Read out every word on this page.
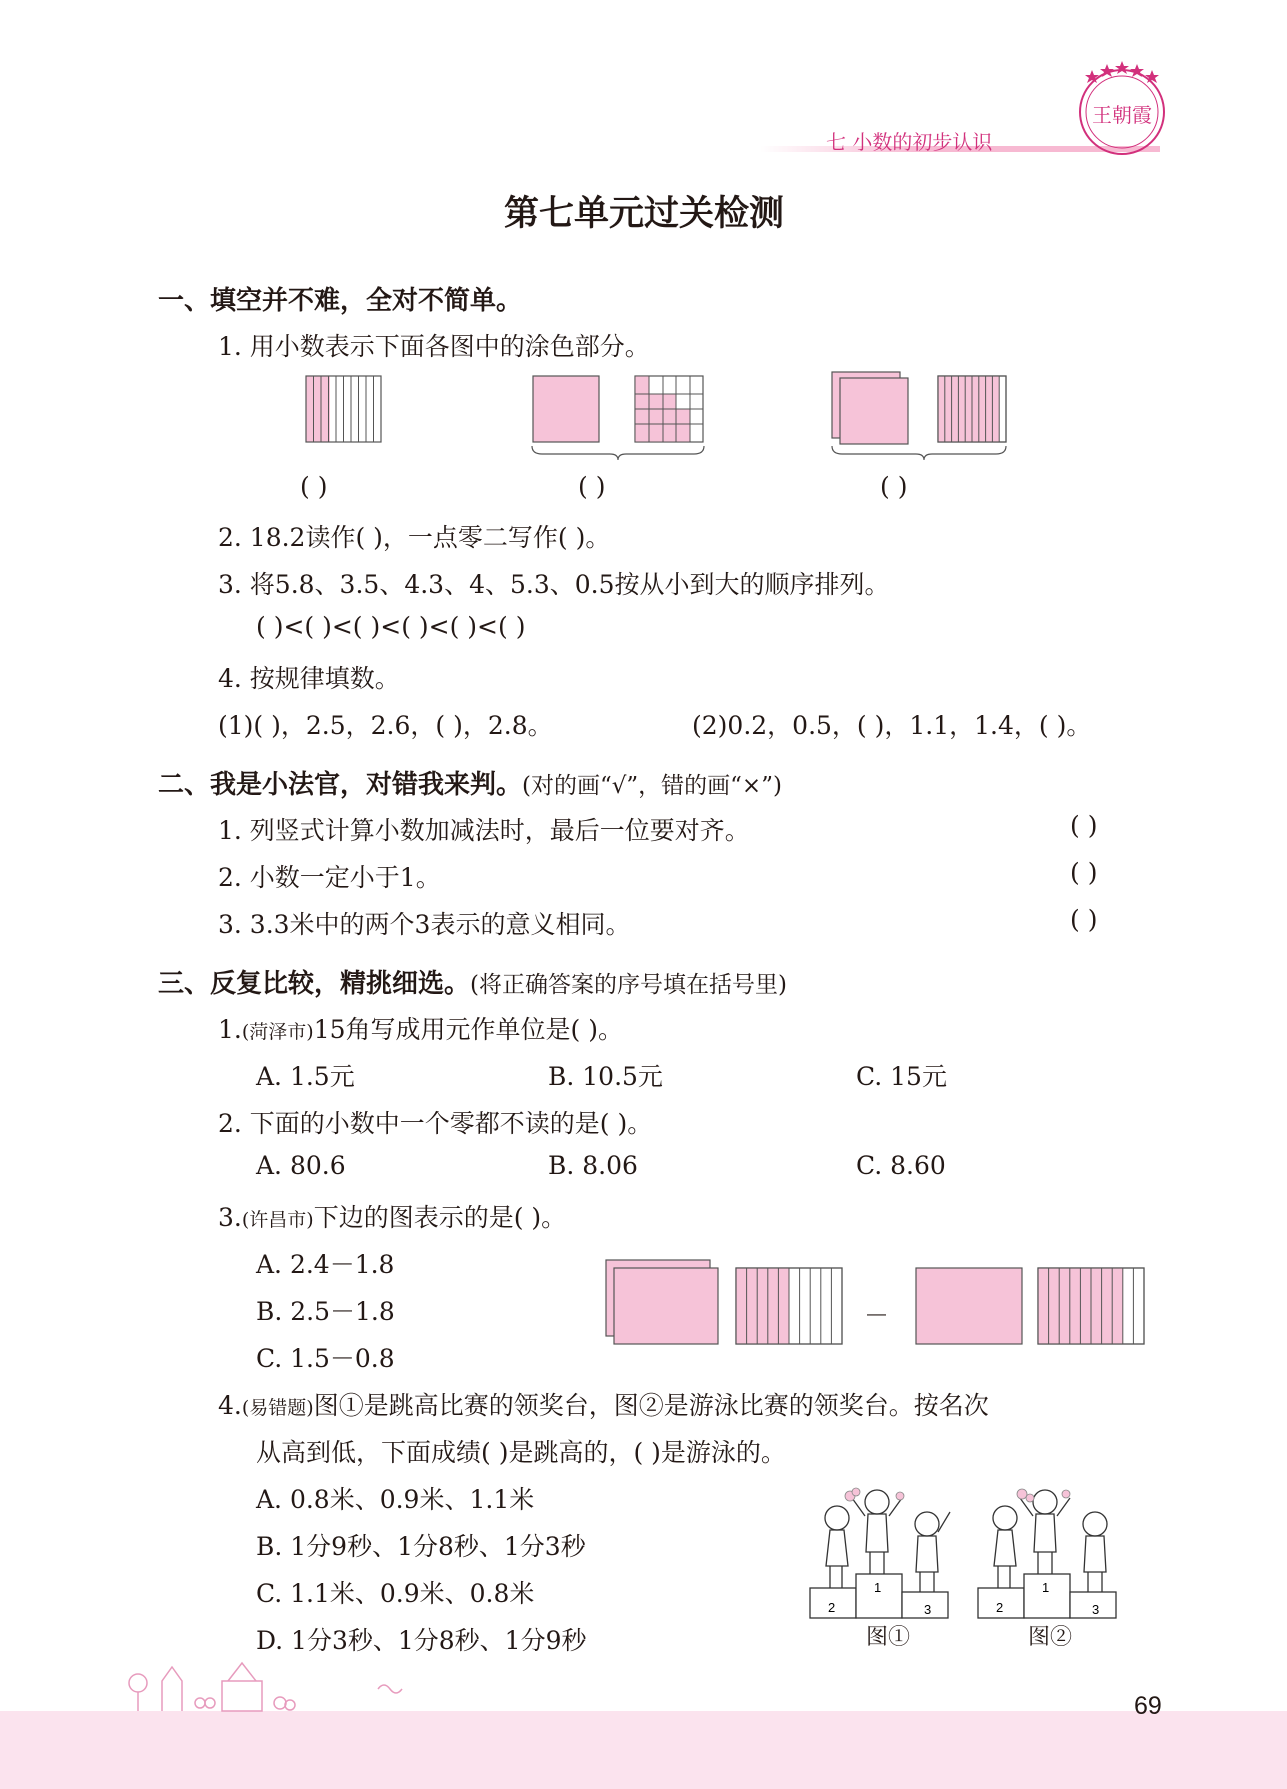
七 小数的初步认识
王朝霞
第七单元过关检测
一、填空并不难，全对不简单。
1. 用小数表示下面各图中的涂色部分。
( )	( )	( )
2. 18.2读作( )，一点零二写作( )。
3. 将5.8、3.5、4.3、4、5.3、0.5按从小到大的顺序排列。
( )<( )<( )<( )<( )<( )
4. 按规律填数。
(1)( )，2.5，2.6，( )，2.8。	(2)0.2，0.5，( )，1.1，1.4，( )。
二、我是小法官，对错我来判。(对的画“√”，错的画“×”)
1. 列竖式计算小数加减法时，最后一位要对齐。	( )
2. 小数一定小于1。	( )
3. 3.3米中的两个3表示的意义相同。	( )
三、反复比较，精挑细选。(将正确答案的序号填在括号里)
1.(菏泽市)15角写成用元作单位是( )。
A. 1.5元	B. 10.5元	C. 15元
2. 下面的小数中一个零都不读的是( )。
A. 80.6	B. 8.06	C. 8.60
3.(许昌市)下边的图表示的是( )。
A. 2.4－1.8
B. 2.5－1.8
C. 1.5－0.8
－
4.(易错题)图①是跳高比赛的领奖台，图②是游泳比赛的领奖台。按名次
从高到低，下面成绩( )是跳高的，( )是游泳的。
A. 0.8米、0.9米、1.1米
B. 1分9秒、1分8秒、1分3秒
C. 1.1米、0.9米、0.8米
D. 1分3秒、1分8秒、1分9秒
2
1
3
图①
2
1
3
图②
69
